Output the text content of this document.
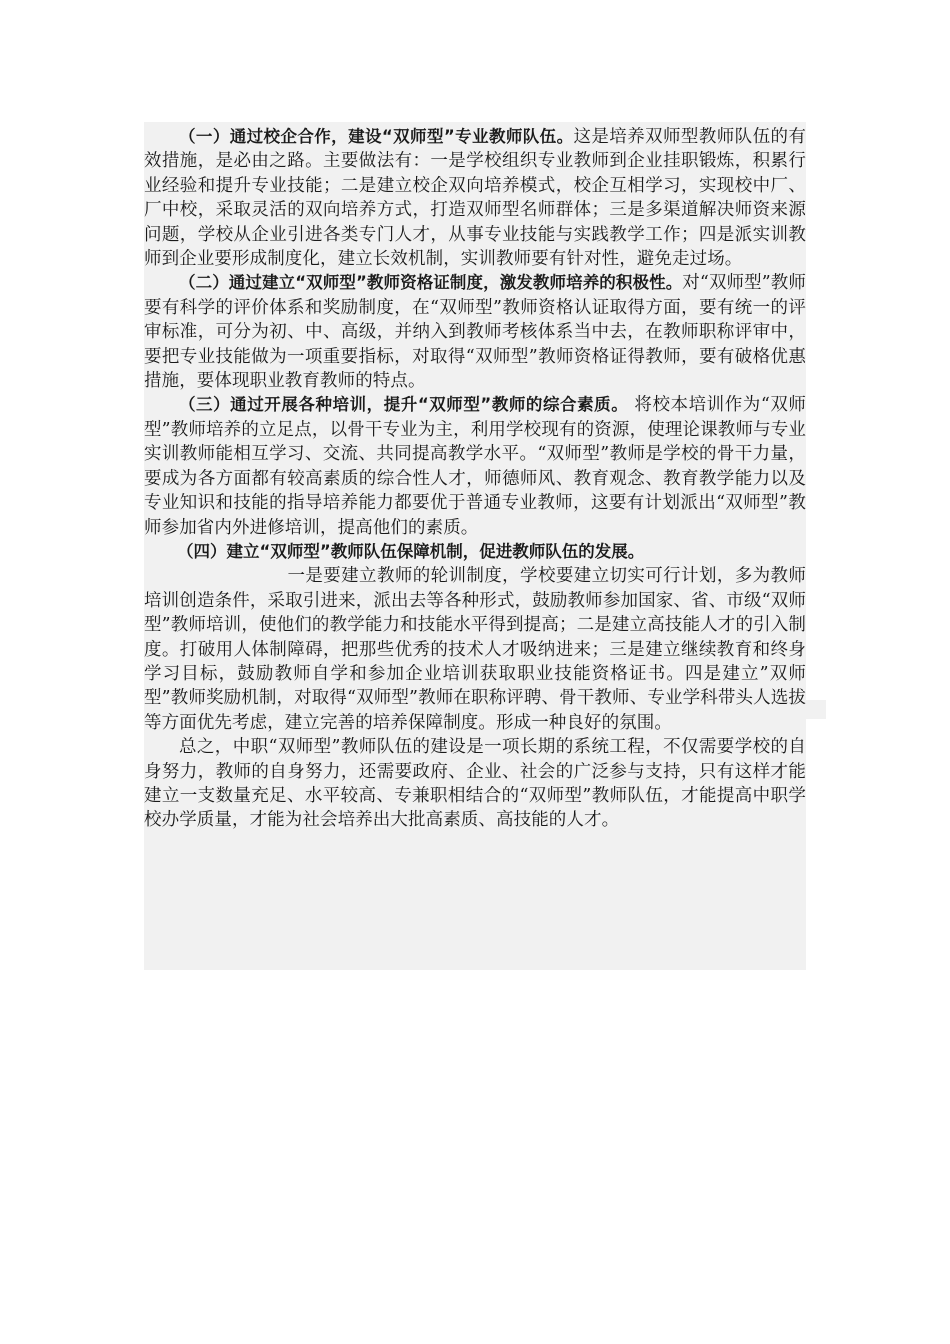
（一）通过校企合作，建设“双师型”专业教师队伍。这是培养双师型教师队伍的有效措施，是必由之路。主要做法有：一是学校组织专业教师到企业挂职锻炼，积累行业经验和提升专业技能；二是建立校企双向培养模式，校企互相学习，实现校中厂、厂中校，采取灵活的双向培养方式，打造双师型名师群体；三是多渠道解决师资来源问题，学校从企业引进各类专门人才，从事专业技能与实践教学工作；四是派实训教师到企业要形成制度化，建立长效机制，实训教师要有针对性，避免走过场。

（二）通过建立“双师型”教师资格证制度，激发教师培养的积极性。对“双师型”教师要有科学的评价体系和奖励制度，在“双师型”教师资格认证取得方面，要有统一的评审标准，可分为初、中、高级，并纳入到教师考核体系当中去，在教师职称评审中，要把专业技能做为一项重要指标，对取得“双师型”教师资格证得教师，要有破格优惠措施，要体现职业教育教师的特点。

（三）通过开展各种培训，提升“双师型”教师的综合素质。 将校本培训作为“双师型”教师培养的立足点，以骨干专业为主，利用学校现有的资源，使理论课教师与专业实训教师能相互学习、交流、共同提高教学水平。“双师型”教师是学校的骨干力量，要成为各方面都有较高素质的综合性人才，师德师风、教育观念、教育教学能力以及专业知识和技能的指导培养能力都要优于普通专业教师，这要有计划派出“双师型”教师参加省内外进修培训，提高他们的素质。

（四）建立“双师型”教师队伍保障机制，促进教师队伍的发展。

一是要建立教师的轮训制度，学校要建立切实可行计划，多为教师培训创造条件，采取引进来，派出去等各种形式，鼓励教师参加国家、省、市级“双师型”教师培训，使他们的教学能力和技能水平得到提高；二是建立高技能人才的引入制度。打破用人体制障碍，把那些优秀的技术人才吸纳进来；三是建立继续教育和终身学习目标，鼓励教师自学和参加企业培训获取职业技能资格证书。四是建立”双师型”教师奖励机制，对取得“双师型”教师在职称评聘、骨干教师、专业学科带头人选拔等方面优先考虑，建立完善的培养保障制度。形成一种良好的氛围。

总之，中职“双师型”教师队伍的建设是一项长期的系统工程，不仅需要学校的自身努力，教师的自身努力，还需要政府、企业、社会的广泛参与支持，只有这样才能建立一支数量充足、水平较高、专兼职相结合的“双师型”教师队伍，才能提高中职学校办学质量，才能为社会培养出大批高素质、高技能的人才。
